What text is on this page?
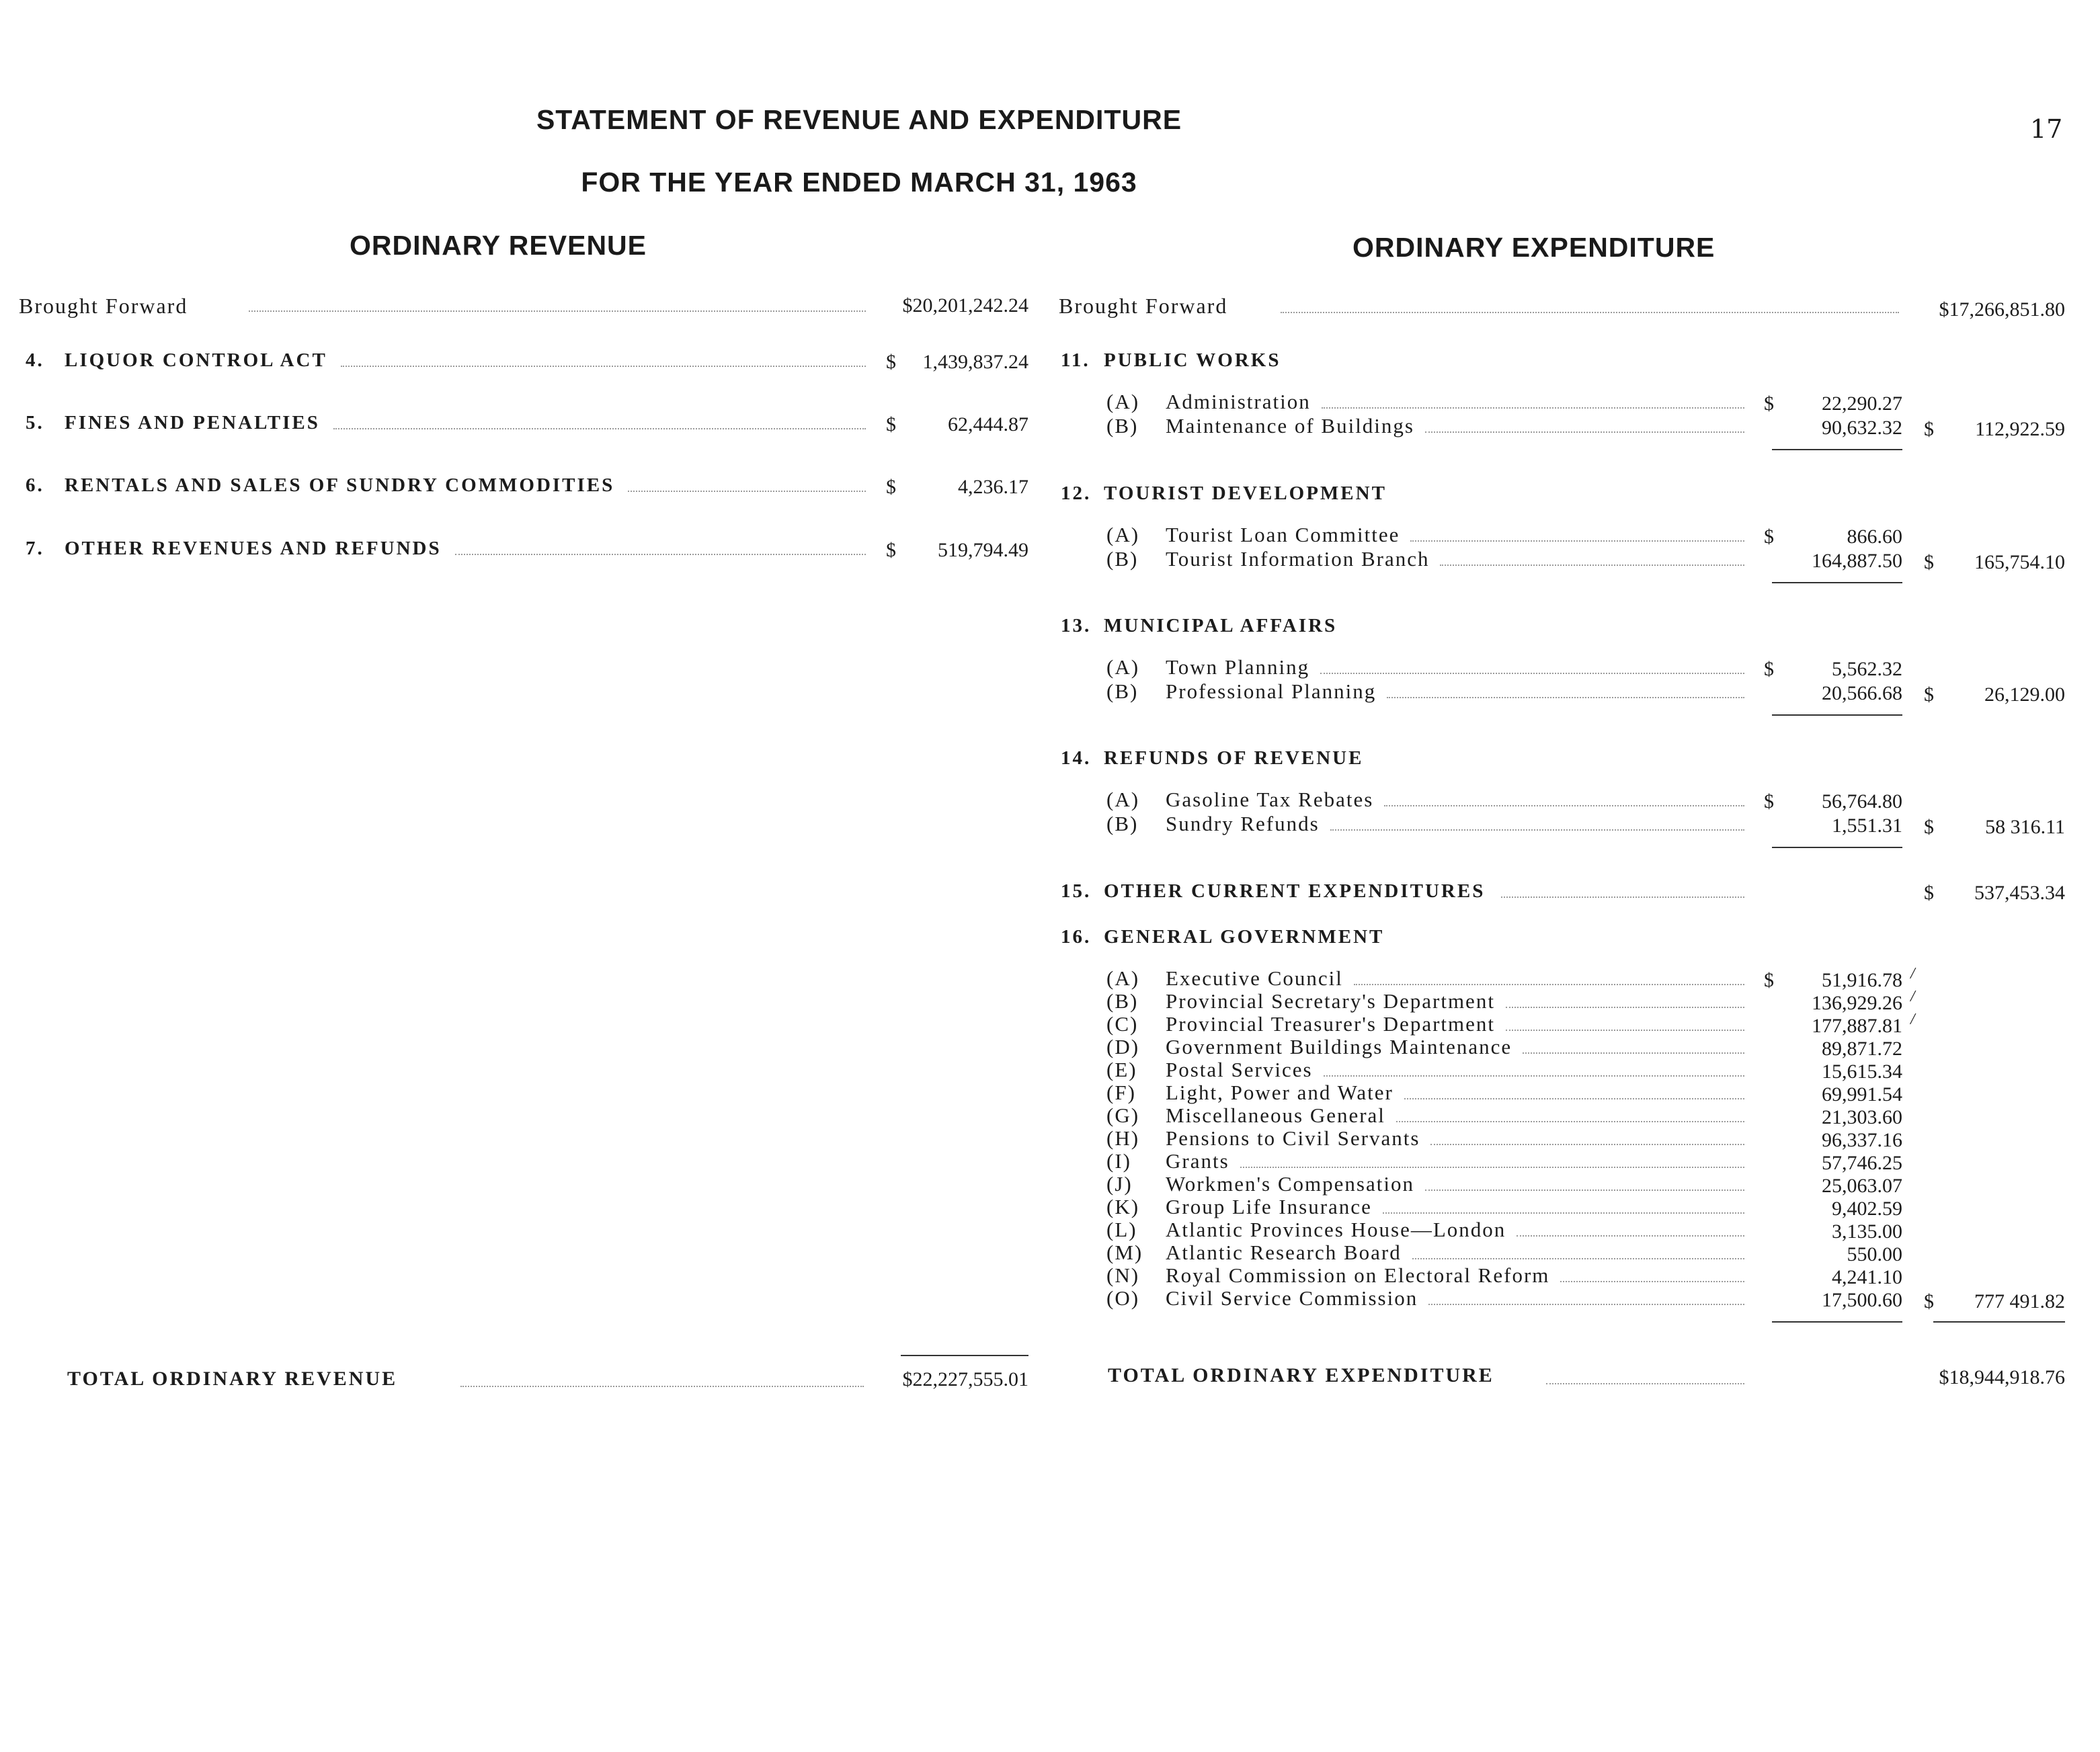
STATEMENT OF REVENUE AND EXPENDITURE
FOR THE YEAR ENDED MARCH 31, 1963
17
ORDINARY REVENUE
Brought Forward	$20,201,242.24
4. LIQUOR CONTROL ACT	$	1,439,837.24
5. FINES AND PENALTIES	$	62,444.87
6. RENTALS AND SALES OF SUNDRY COMMODITIES	$	4,236.17
7. OTHER REVENUES AND REFUNDS	$	519,794.49
TOTAL ORDINARY REVENUE	$22,227,555.01
ORDINARY EXPENDITURE
Brought Forward	$17,266,851.80
11. PUBLIC WORKS
(A) Administration	$	22,290.27
(B) Maintenance of Buildings	90,632.32 $	112,922.59
12. TOURIST DEVELOPMENT
(A) Tourist Loan Committee	$	866.60
(B) Tourist Information Branch	164,887.50 $	165,754.10
13. MUNICIPAL AFFAIRS
(A) Town Planning	$	5,562.32
(B) Professional Planning	20,566.68 $	26,129.00
14. REFUNDS OF REVENUE
(A) Gasoline Tax Rebates	$	56,764.80
(B) Sundry Refunds	1,551.31 $	58 316.11
15. OTHER CURRENT EXPENDITURES	$	537,453.34
16. GENERAL GOVERNMENT
(A) Executive Council	$	51,916.78 /
(B) Provincial Secretary's Department	136,929.26 /
(C) Provincial Treasurer's Department	177,887.81 /
(D) Government Buildings Maintenance	89,871.72
(E) Postal Services	15,615.34
(F) Light, Power and Water	69,991.54
(G) Miscellaneous General	21,303.60
(H) Pensions to Civil Servants	96,337.16
(I) Grants	57,746.25
(J) Workmen's Compensation	25,063.07
(K) Group Life Insurance	9,402.59
(L) Atlantic Provinces House—London	3,135.00
(M) Atlantic Research Board	550.00
(N) Royal Commission on Electoral Reform	4,241.10
(O) Civil Service Commission	17,500.60 $	777 491.82
TOTAL ORDINARY EXPENDITURE	$18,944,918.76
